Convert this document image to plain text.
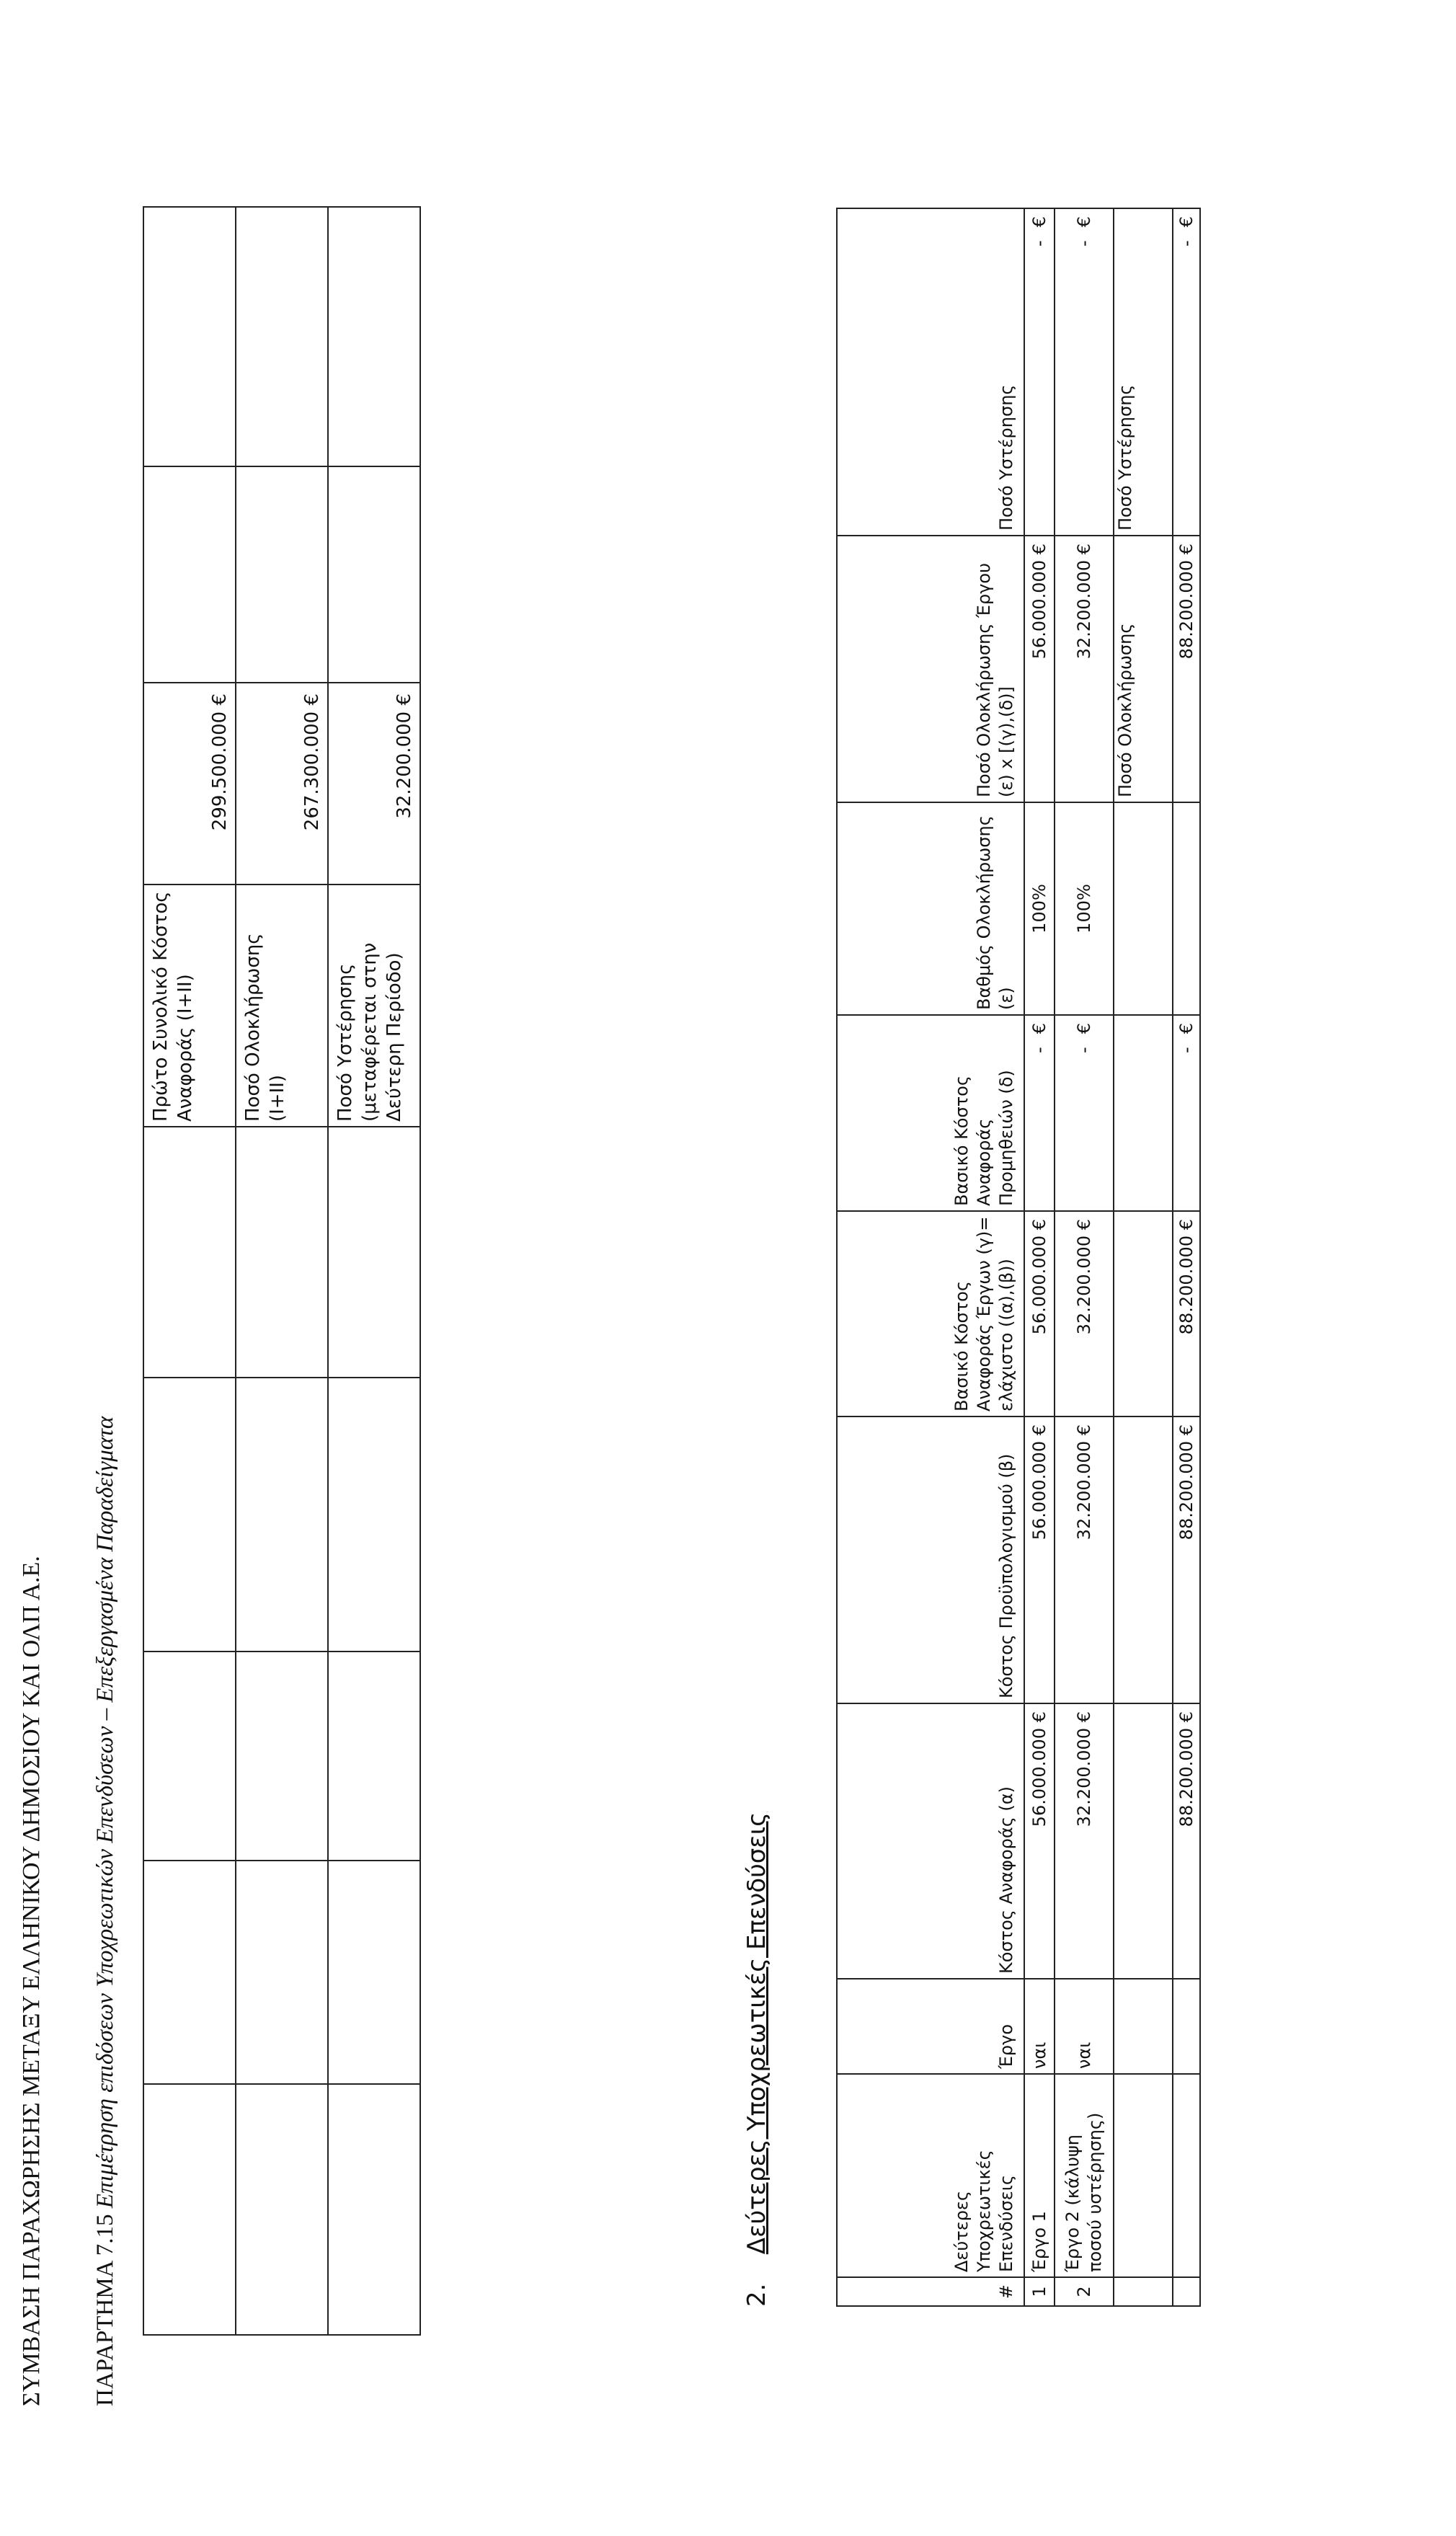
ΣΥΜΒΑΣΗ ΠΑΡΑΧΩΡΗΣΗΣ ΜΕΤΑΞΥ ΕΛΛΗΝΙΚΟΥ ΔΗΜΟΣΙΟΥ ΚΑΙ ΟΛΠ Α.Ε. ΠΑΡΑΡΤΗΜΑ 7.15 Επιμέτρηση επιδόσεων Υποχρεωτικών Επενδύσεων – Επεξεργασμένα Παραδείγματα
					Πρώτο Συνολικό Κόστος Αναφοράς (I+II)	299.500.000 €		
					Ποσό Ολοκλήρωσης (I+II)	267.300.000 €		
					Ποσό Υστέρησης (μεταφέρεται στην Δεύτερη Περίοδο)	32.200.000 €		
2. Δεύτερες Υποχρεωτικές Επενδύσεις
#	Δεύτερες Υποχρεωτικές Επενδύσεις	Έργο	Κόστος Αναφοράς (α)	Κόστος Προϋπολογισμού (β)	Βασικό Κόστος Αναφοράς Έργων (γ)= ελάχιστο ((α),(β))	Βασικό Κόστος Αναφοράς Προμηθειών (δ)	Βαθμός Ολοκλήρωσης (ε)	Ποσό Ολοκλήρωσης Έργου (ε) x [(γ),(δ)]	Ποσό Υστέρησης
1	Έργο 1	ναι	56.000.000 €	56.000.000 €	56.000.000 €	-€	100%	56.000.000 €	-€
2	Έργο 2 (κάλυψη ποσού υστέρησης)	ναι	32.200.000 €	32.200.000 €	32.200.000 €	-€	100%	32.200.000 €	-€
								Ποσό Ολοκλήρωσης	Ποσό Υστέρησης
			88.200.000 €	88.200.000 €	88.200.000 €	-€		88.200.000 €	-€
